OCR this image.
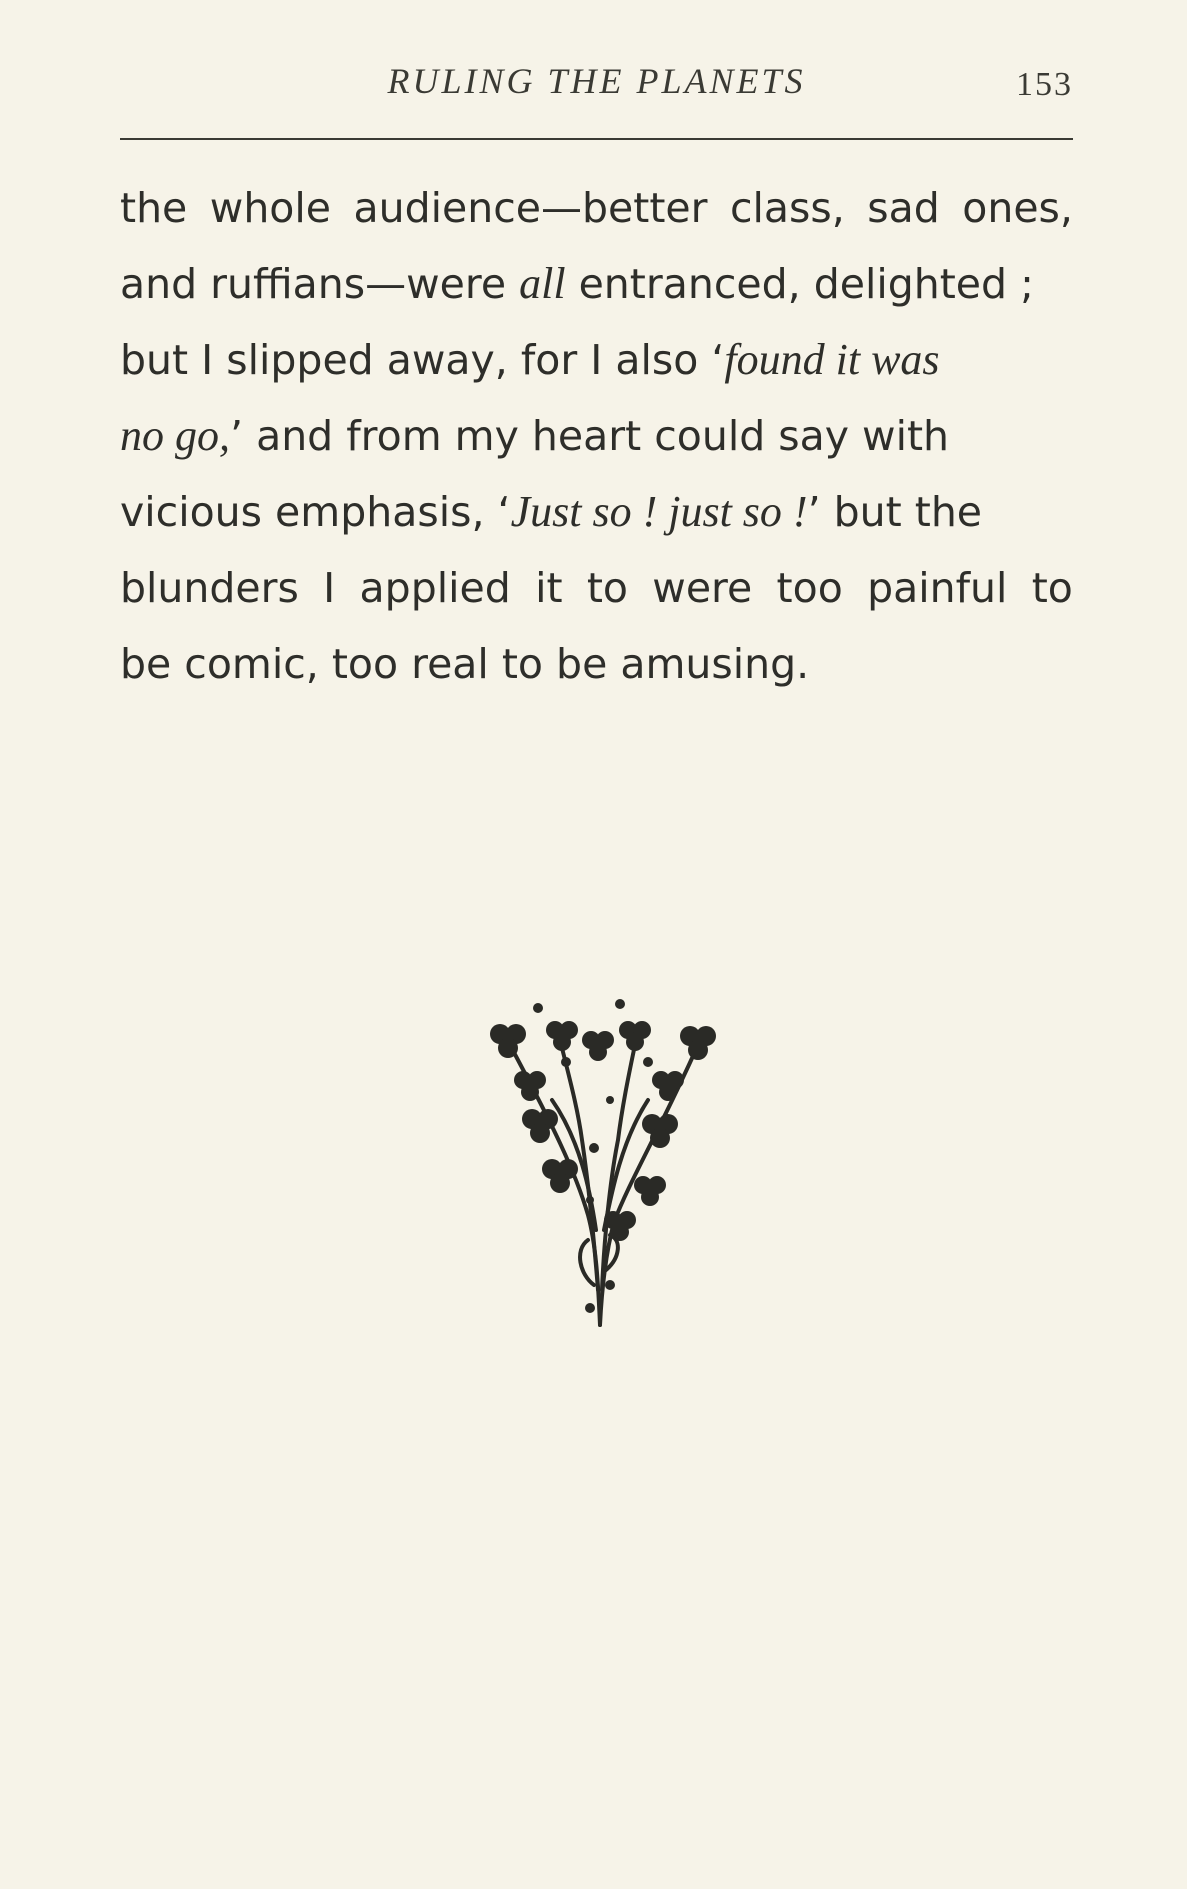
RULING THE PLANETS	153
the whole audience—better class, sad ones,
and ruffians—were all entranced, delighted ;
but I slipped away, for I also ‘found it was
no go,’ and from my heart could say with
vicious emphasis, ‘Just so ! just so !’ but the
blunders I applied it to were too painful to
be comic, too real to be amusing.
